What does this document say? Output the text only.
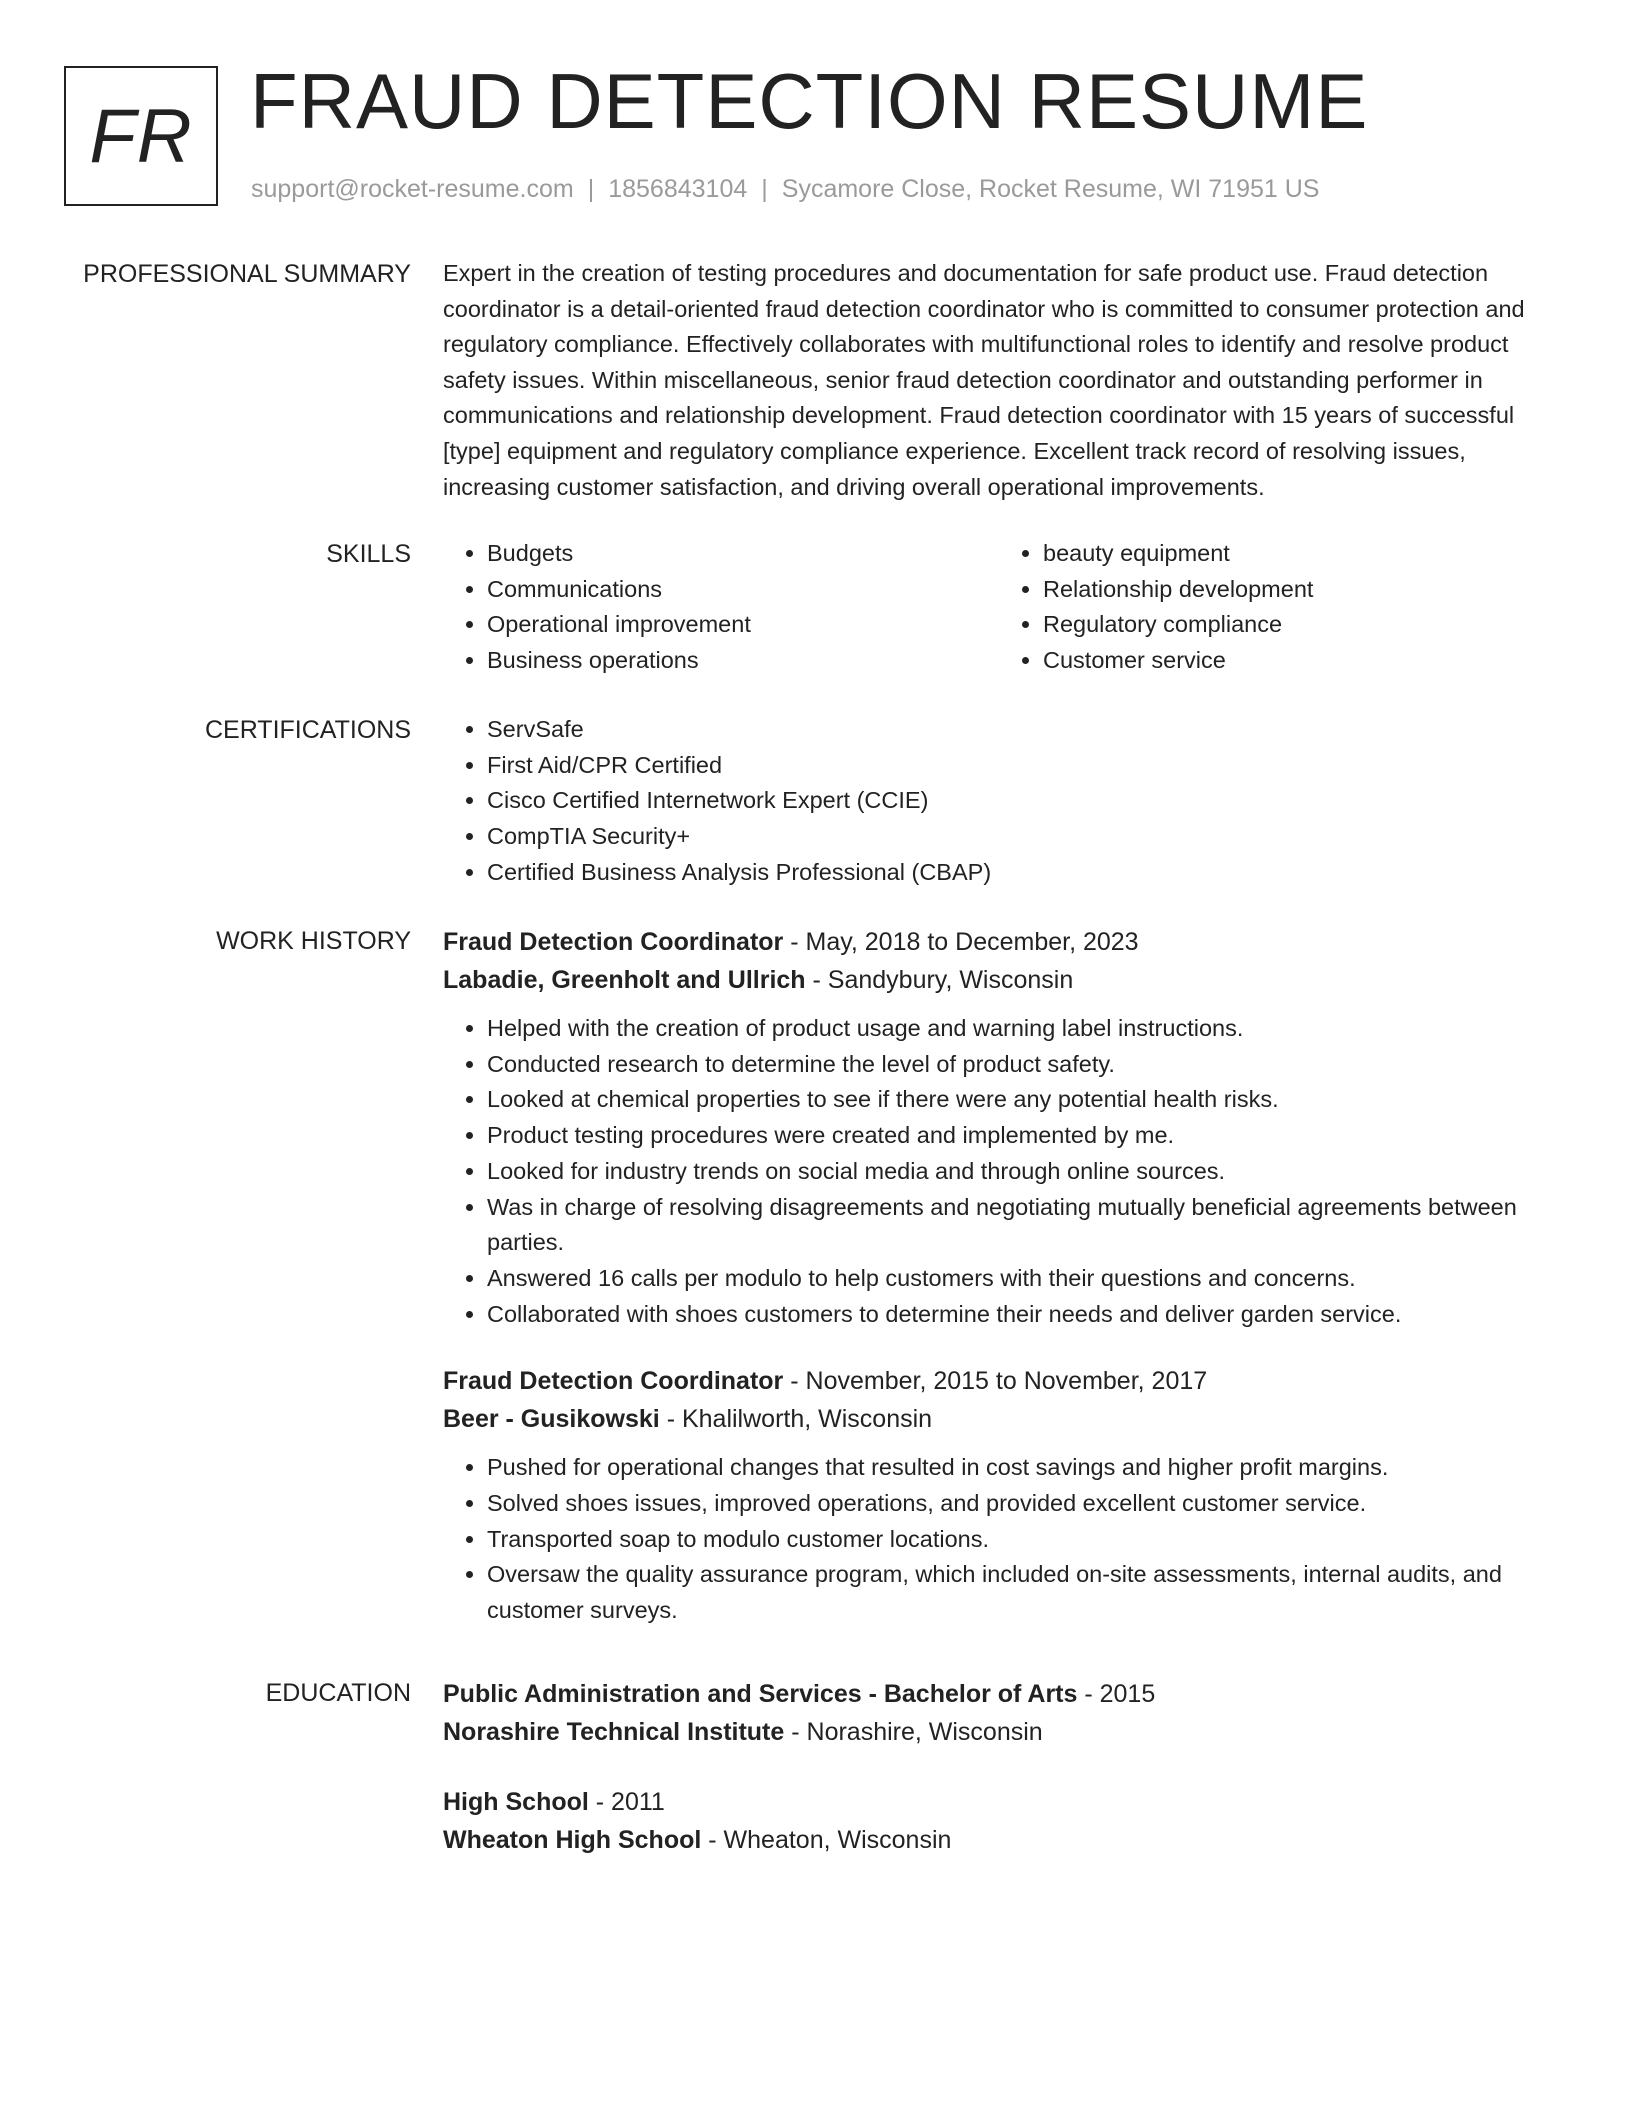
FR FRAUD DETECTION RESUME
support@rocket-resume.com | 1856843104 | Sycamore Close, Rocket Resume, WI 71951 US
PROFESSIONAL SUMMARY Expert in the creation of testing procedures and documentation for safe product use. Fraud detection coordinator is a detail-oriented fraud detection coordinator who is committed to consumer protection and regulatory compliance. Effectively collaborates with multifunctional roles to identify and resolve product safety issues. Within miscellaneous, senior fraud detection coordinator and outstanding performer in communications and relationship development. Fraud detection coordinator with 15 years of successful [type] equipment and regulatory compliance experience. Excellent track record of resolving issues, increasing customer satisfaction, and driving overall operational improvements.

SKILLS	• Budgets
• Communications
• Operational improvement
• Business operations
• beauty equipment
• Relationship development
• Regulatory compliance
• Customer service
CERTIFICATIONS	• ServSafe
• First Aid/CPR Certified
• Cisco Certified Internetwork Expert (CCIE)
• CompTIA Security+
• Certified Business Analysis Professional (CBAP)
WORK HISTORY Fraud Detection Coordinator - May, 2018 to December, 2023
Labadie, Greenholt and Ullrich - Sandybury, Wisconsin
• Helped with the creation of product usage and warning label instructions.
• Conducted research to determine the level of product safety.
• Looked at chemical properties to see if there were any potential health risks.
• Product testing procedures were created and implemented by me.
• Looked for industry trends on social media and through online sources.
• Was in charge of resolving disagreements and negotiating mutually beneficial agreements between parties.
• Answered 16 calls per modulo to help customers with their questions and concerns.
• Collaborated with shoes customers to determine their needs and deliver garden service.
Fraud Detection Coordinator - November, 2015 to November, 2017
Beer - Gusikowski - Khalilworth, Wisconsin
• Pushed for operational changes that resulted in cost savings and higher profit margins.
• Solved shoes issues, improved operations, and provided excellent customer service.
• Transported soap to modulo customer locations.
• Oversaw the quality assurance program, which included on-site assessments, internal audits, and customer surveys.
EDUCATION Public Administration and Services - Bachelor of Arts - 2015
Norashire Technical Institute - Norashire, Wisconsin
High School - 2011
Wheaton High School - Wheaton, Wisconsin
